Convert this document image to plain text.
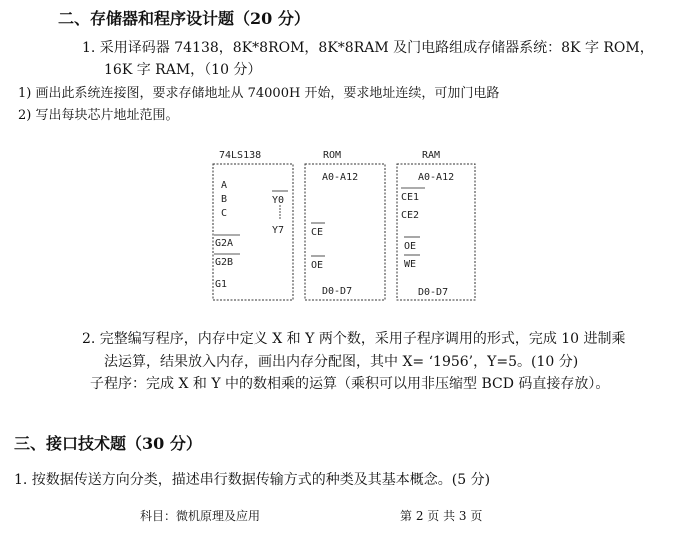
二、存储器和程序设计题（20 分）
1. 采用译码器 74138，8K*8ROM，8K*8RAM 及门电路组成存储器系统：8K 字 ROM，
16K 字 RAM，（10 分）
1) 画出此系统连接图，要求存储地址从 74000H 开始，要求地址连续，可加门电路
2) 写出每块芯片地址范围。
74LS138
A
B
C
Y0
Y7
G2A
G2B
G1
ROM
A0-A12
CE
OE
D0-D7
RAM
A0-A12
CE1
CE2
OE
WE
D0-D7
2. 完整编写程序，内存中定义 X 和 Y 两个数，采用子程序调用的形式，完成 10 进制乘
法运算，结果放入内存，画出内存分配图，其中 X= ‘1956’，Y=5。(10 分)
子程序：完成 X 和 Y 中的数相乘的运算（乘积可以用非压缩型 BCD 码直接存放）。
三、接口技术题（30 分）
1. 按数据传送方向分类，描述串行数据传输方式的种类及其基本概念。(5 分)
科目：微机原理及应用	第 2 页 共 3 页
